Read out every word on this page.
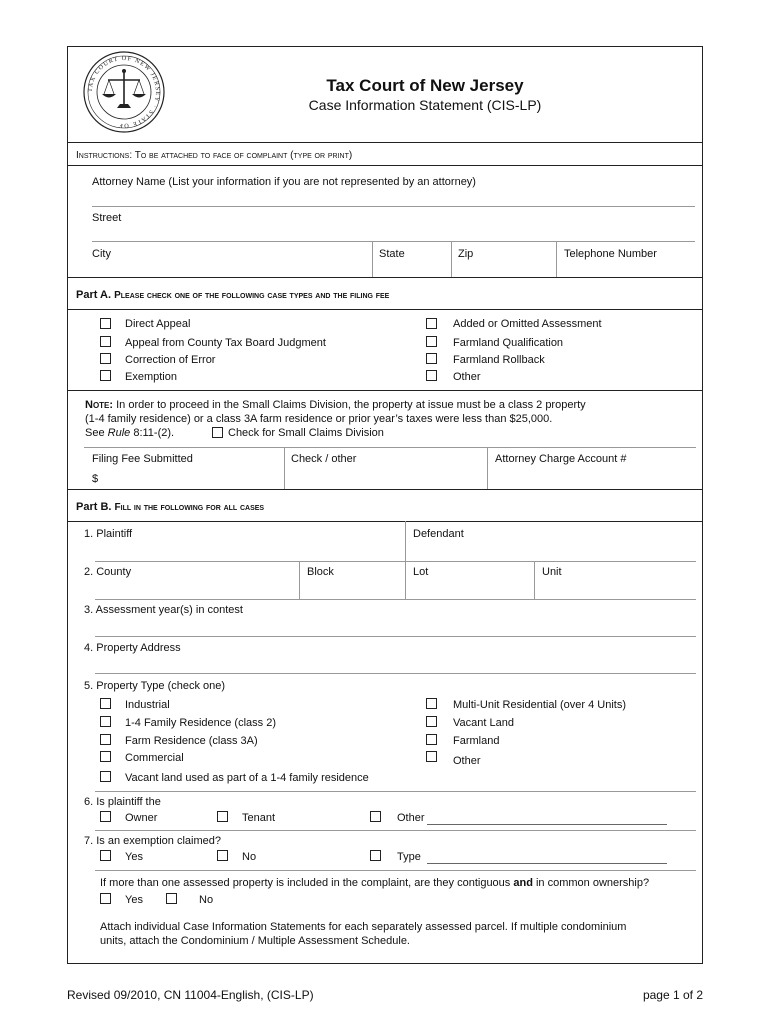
TAX COURT OF NEW JERSEY · STATE OF
Tax Court of New Jersey
Case Information Statement (CIS-LP)
Instructions: To be attached to face of complaint (type or print)
Attorney Name (List your information if you are not represented by an attorney)
Street
City	State	Zip	Telephone Number
Part A. Please check one of the following case types and the filing fee
Direct Appeal
Appeal from County Tax Board Judgment
Correction of Error
Exemption
Added or Omitted Assessment
Farmland Qualification
Farmland Rollback
Other
Note: In order to proceed in the Small Claims Division, the property at issue must be a class 2 property
(1-4 family residence) or a class 3A farm residence or prior year’s taxes were less than $25,000.
See Rule 8:11-(2).	Check for Small Claims Division
Filing Fee Submitted
$
Check / other	Attorney Charge Account #
Part B. Fill in the following for all cases
1. Plaintiff	Defendant
2. County	Block	Lot	Unit
3. Assessment year(s) in contest
4. Property Address
5. Property Type (check one)
Industrial
1-4 Family Residence (class 2)
Farm Residence (class 3A)
Commercial
Vacant land used as part of a 1-4 family residence
Multi-Unit Residential (over 4 Units)
Vacant Land
Farmland
Other
6. Is plaintiff the
Owner	Tenant	Other
7. Is an exemption claimed?
Yes	No	Type
If more than one assessed property is included in the complaint, are they contiguous and in common ownership?
Yes	No
Attach individual Case Information Statements for each separately assessed parcel. If multiple condominium
units, attach the Condominium / Multiple Assessment Schedule.
Revised 09/2010, CN 11004-English, (CIS-LP)	page 1 of 2
